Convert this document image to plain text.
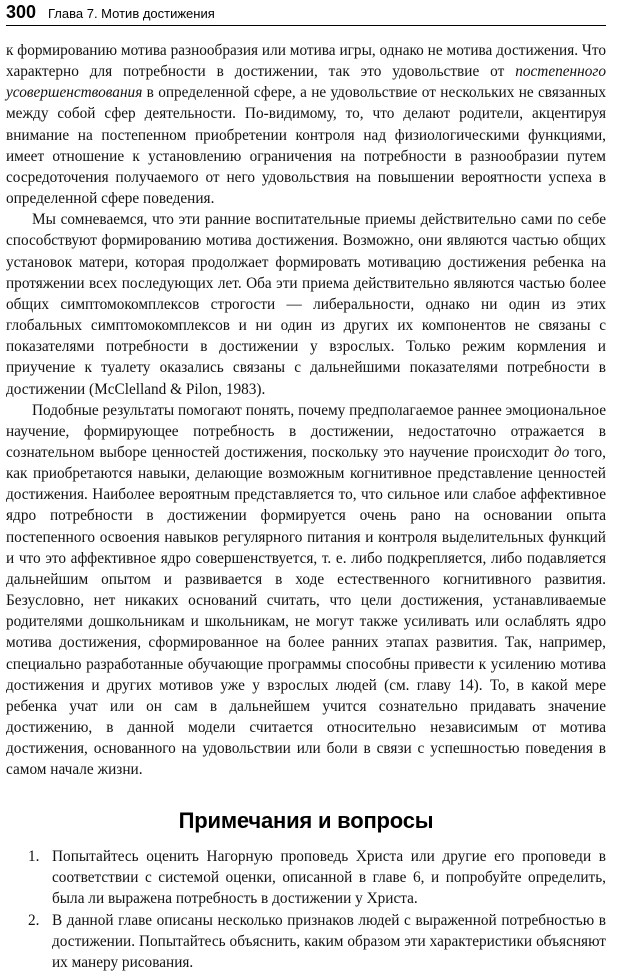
300 Глава 7. Мотив достижения

к формированию мотива разнообразия или мотива игры, однако не мотива достижения. Что характерно для потребности в достижении, так это удовольствие от постепенного усовершенствования в определенной сфере, а не удовольствие от нескольких не связанных между собой сфер деятельности. По-видимому, то, что делают родители, акцентируя внимание на постепенном приобретении контроля над физиологическими функциями, имеет отношение к установлению ограничения на потребности в разнообразии путем сосредоточения получаемого от него удовольствия на повышении вероятности успеха в определенной сфере поведения.

Мы сомневаемся, что эти ранние воспитательные приемы действительно сами по себе способствуют формированию мотива достижения. Возможно, они являются частью общих установок матери, которая продолжает формировать мотивацию достижения ребенка на протяжении всех последующих лет. Оба эти приема действительно являются частью более общих симптомокомплексов строгости — либеральности, однако ни один из этих глобальных симптомокомплексов и ни один из других их компонентов не связаны с показателями потребности в достижении у взрослых. Только режим кормления и приучение к туалету оказались связаны с дальнейшими показателями потребности в достижении (McClelland & Pilon, 1983).

Подобные результаты помогают понять, почему предполагаемое раннее эмоциональное научение, формирующее потребность в достижении, недостаточно отражается в сознательном выборе ценностей достижения, поскольку это научение происходит до того, как приобретаются навыки, делающие возможным когнитивное представление ценностей достижения. Наиболее вероятным представляется то, что сильное или слабое аффективное ядро потребности в достижении формируется очень рано на основании опыта постепенного освоения навыков регулярного питания и контроля выделительных функций и что это аффективное ядро совершенствуется, т. е. либо подкрепляется, либо подавляется дальнейшим опытом и развивается в ходе естественного когнитивного развития. Безусловно, нет никаких оснований считать, что цели достижения, устанавливаемые родителями дошкольникам и школьникам, не могут также усиливать или ослаблять ядро мотива достижения, сформированное на более ранних этапах развития. Так, например, специально разработанные обучающие программы способны привести к усилению мотива достижения и других мотивов уже у взрослых людей (см. главу 14). То, в какой мере ребенка учат или он сам в дальнейшем учится сознательно придавать значение достижению, в данной модели считается относительно независимым от мотива достижения, основанного на удовольствии или боли в связи с успешностью поведения в самом начале жизни.

Примечания и вопросы
1. Попытайтесь оценить Нагорную проповедь Христа или другие его проповеди в соответствии с системой оценки, описанной в главе 6, и попробуйте определить, была ли выражена потребность в достижении у Христа.
2. В данной главе описаны несколько признаков людей с выраженной потребностью в достижении. Попытайтесь объяснить, каким образом эти характеристики объясняют их манеру рисования.
